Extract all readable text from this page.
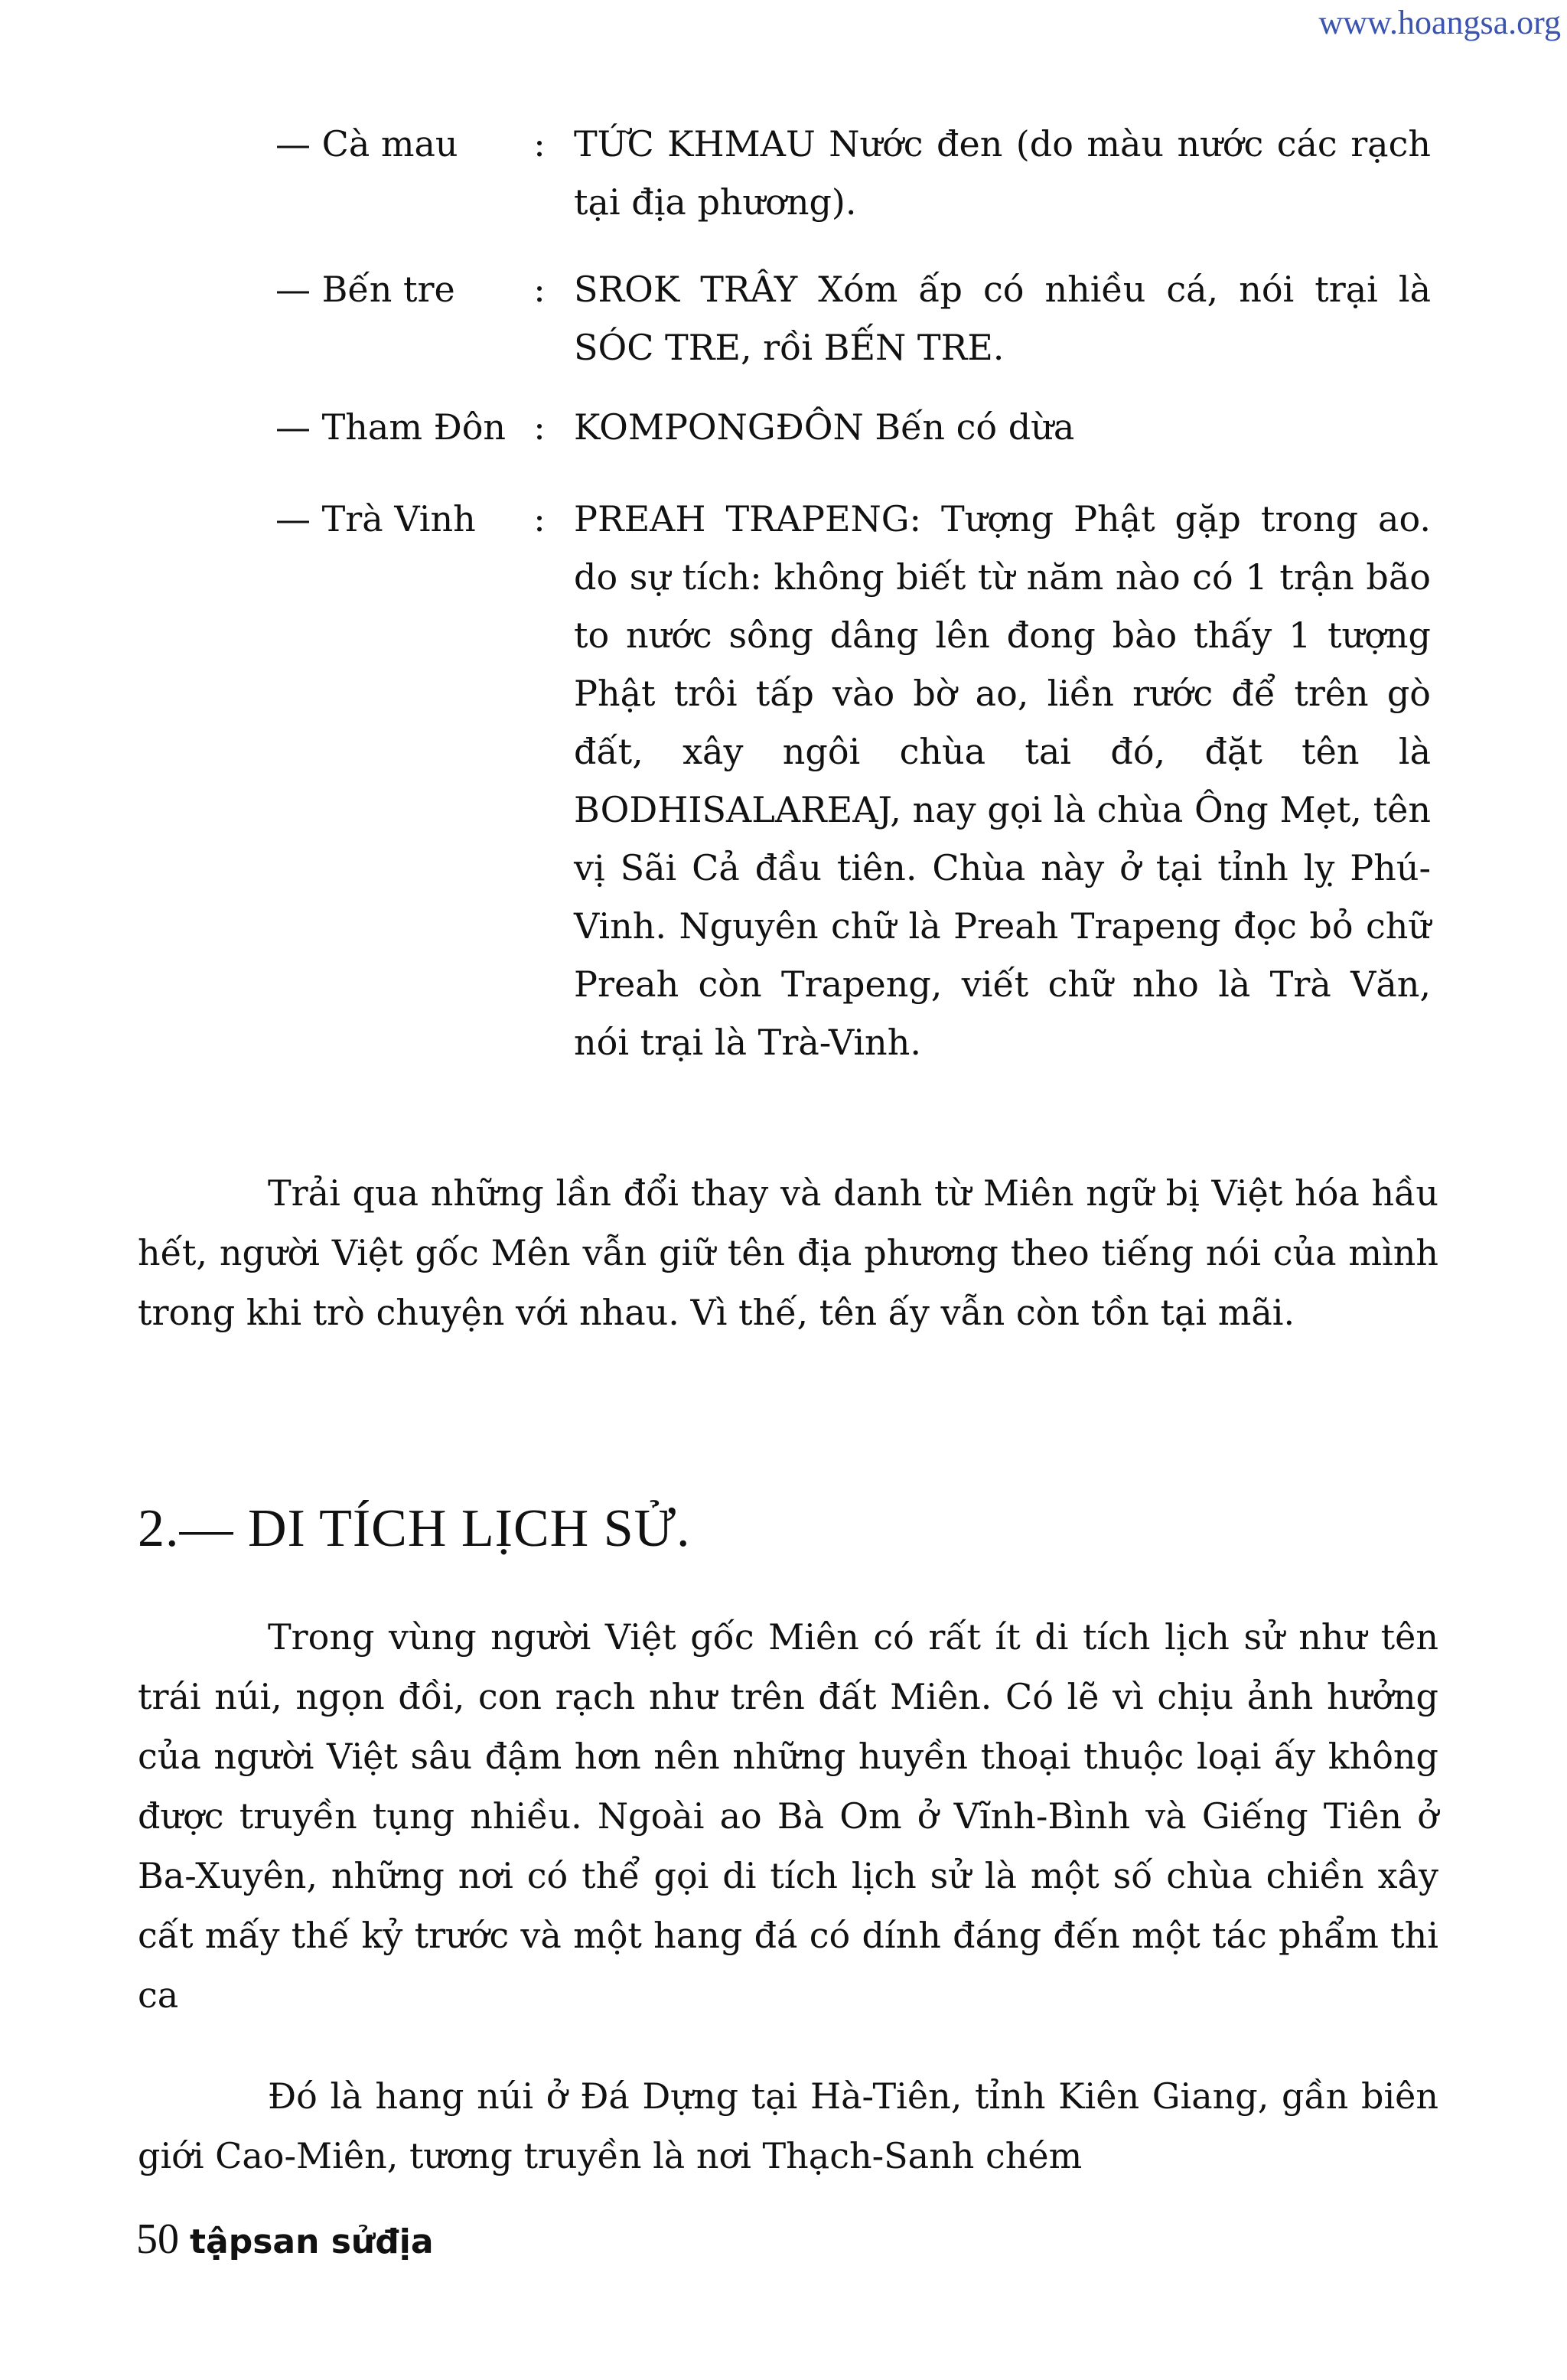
www.hoangsa.org
— Cà mau	: TỨC KHMAU Nước đen (do màu nước các rạch tại địa phương).
— Bến tre	: SROK TRÂY Xóm ấp có nhiều cá, nói trại là SÓC TRE, rồi BẾN TRE.
— Tham Đôn : KOMPONGĐÔN Bến có dừa
— Trà Vinh	: PREAH TRAPENG: Tượng Phật gặp trong ao. do sự tích: không biết từ năm nào có 1 trận bão to nước sông dâng lên đong bào thấy 1 tượng Phật trôi tấp vào bờ ao, liền rước để trên gò đất, xây ngôi chùa tai đó, đặt tên là BODHISALAREAJ, nay gọi là chùa Ông Mẹt, tên vị Sãi Cả đầu tiên. Chùa này ở tại tỉnh lỵ Phú-Vinh. Nguyên chữ là Preah Trapeng đọc bỏ chữ Preah còn Trapeng, viết chữ nho là Trà Văn, nói trại là Trà-Vinh.

Trải qua những lần đổi thay và danh từ Miên ngữ bị Việt hóa hầu hết, người Việt gốc Mên vẫn giữ tên địa phương theo tiếng nói của mình trong khi trò chuyện với nhau. Vì thế, tên ấy vẫn còn tồn tại mãi.

2.— DI TÍCH LỊCH SỬ.

Trong vùng người Việt gốc Miên có rất ít di tích lịch sử như tên trái núi, ngọn đồi, con rạch như trên đất Miên. Có lẽ vì chịu ảnh hưởng của người Việt sâu đậm hơn nên những huyền thoại thuộc loại ấy không được truyền tụng nhiều. Ngoài ao Bà Om ở Vĩnh-Bình và Giếng Tiên ở Ba-Xuyên, những nơi có thể gọi di tích lịch sử là một số chùa chiền xây cất mấy thế kỷ trước và một hang đá có dính đáng đến một tác phẩm thi ca

Đó là hang núi ở Đá Dựng tại Hà-Tiên, tỉnh Kiên Giang, gần biên giới Cao-Miên, tương truyền là nơi Thạch-Sanh chém

50 tậpsan sửđịa
